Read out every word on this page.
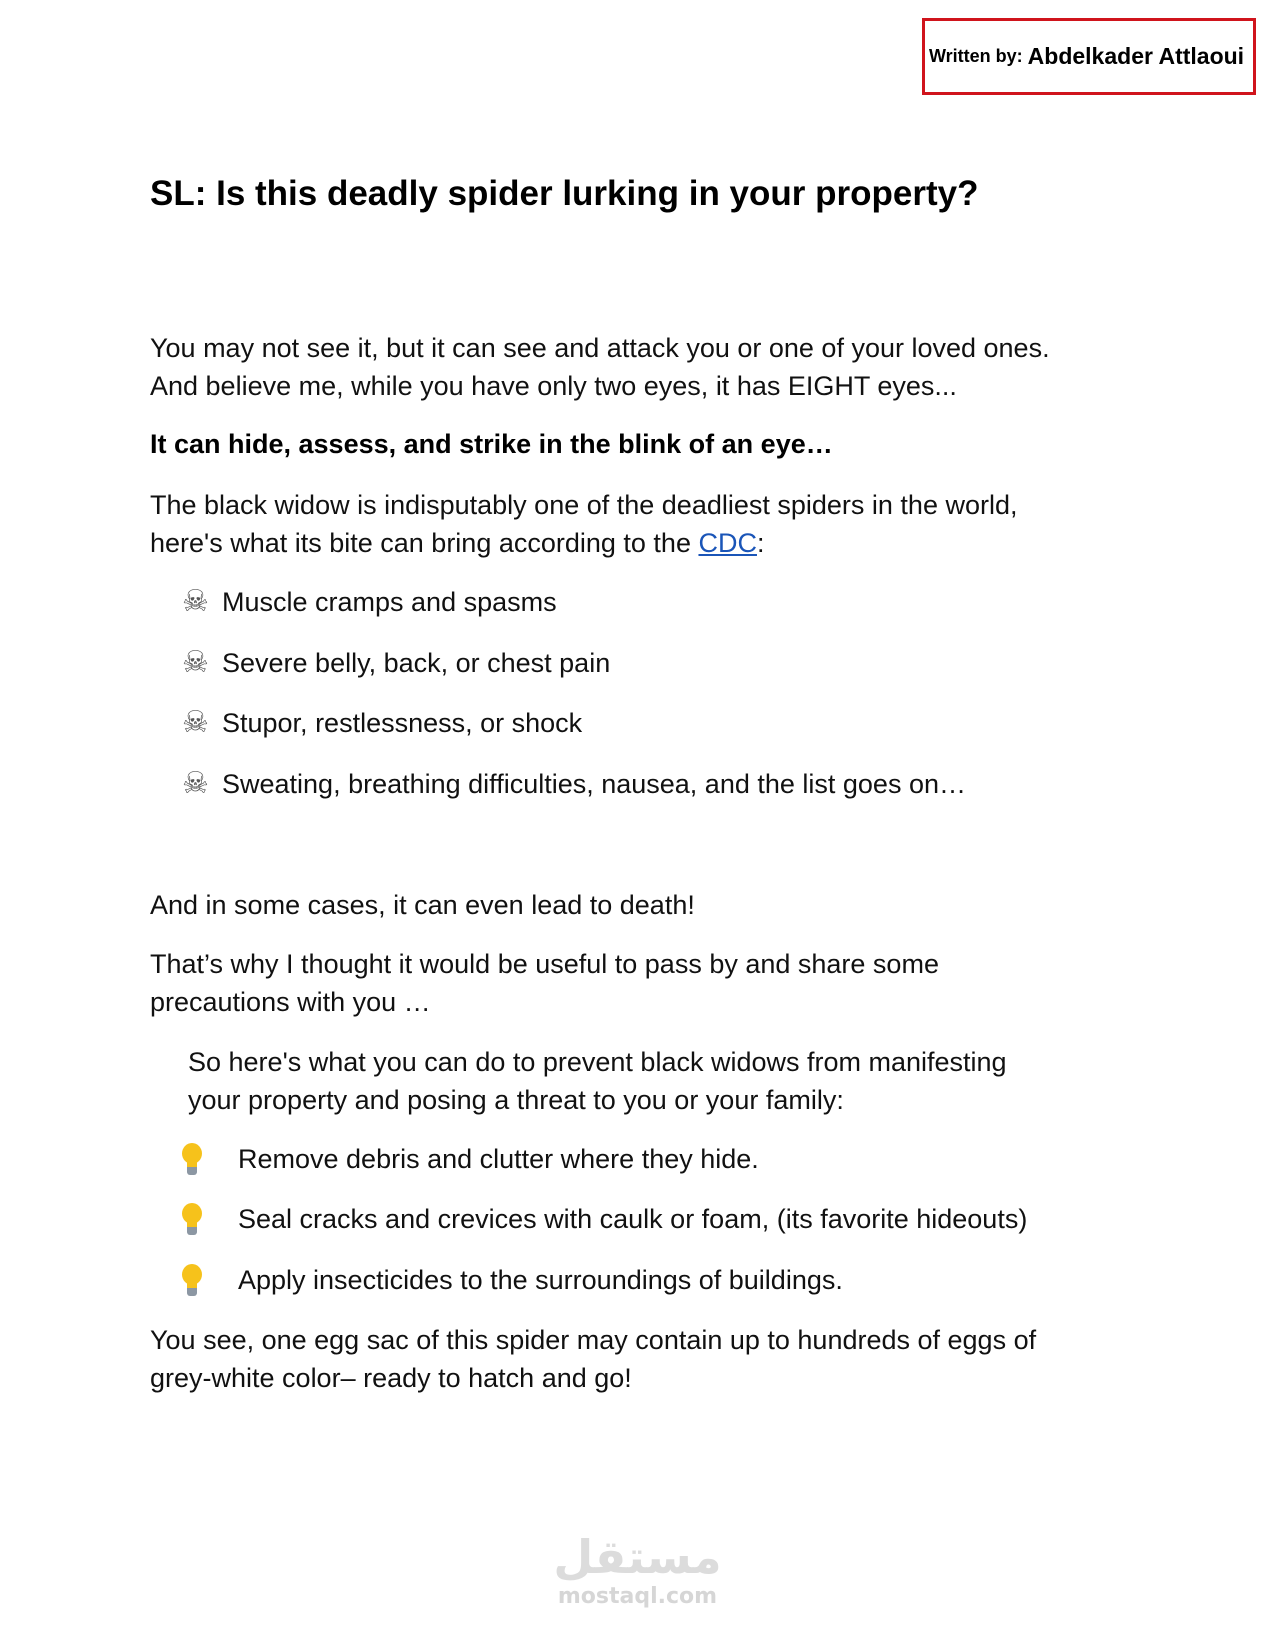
Written by: Abdelkader Attlaoui
SL: Is this deadly spider lurking in your property?

You may not see it, but it can see and attack you or one of your loved ones.
And believe me, while you have only two eyes, it has EIGHT eyes...

It can hide, assess, and strike in the blink of an eye…

The black widow is indisputably one of the deadliest spiders in the world,
here's what its bite can bring according to the CDC:

☠ Muscle cramps and spasms
☠ Severe belly, back, or chest pain
☠ Stupor, restlessness, or shock
☠ Sweating, breathing difficulties, nausea, and the list goes on…

And in some cases, it can even lead to death!

That’s why I thought it would be useful to pass by and share some
precautions with you …

So here's what you can do to prevent black widows from manifesting
your property and posing a threat to you or your family:

Remove debris and clutter where they hide.
Seal cracks and crevices with caulk or foam, (its favorite hideouts)
Apply insecticides to the surroundings of buildings.

You see, one egg sac of this spider may contain up to hundreds of eggs of
grey-white color– ready to hatch and go!

مستقل
mostaql.com
